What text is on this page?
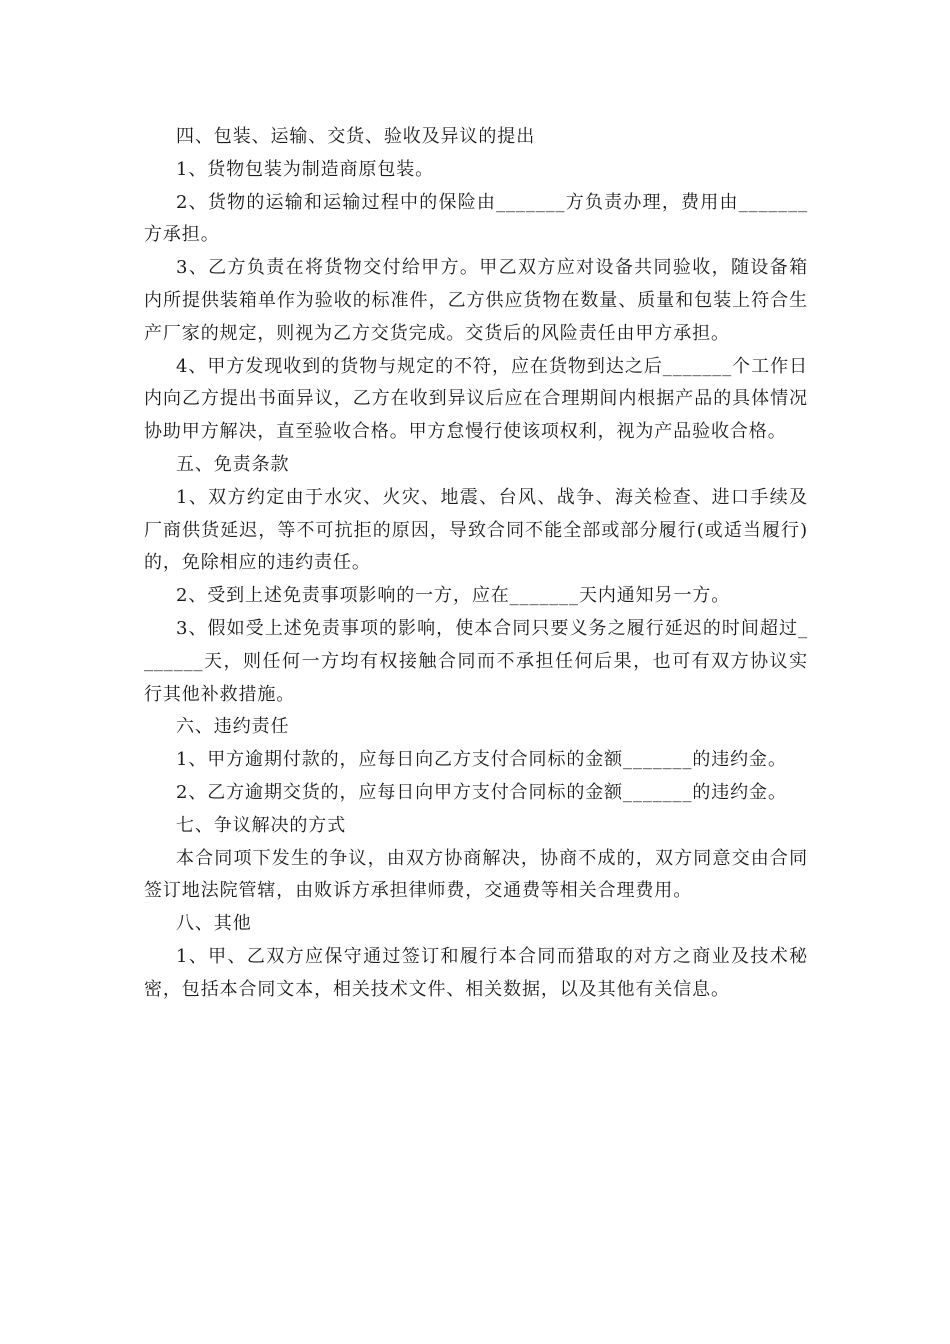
四、包装、运输、交货、验收及异议的提出

1、货物包装为制造商原包装。

2、货物的运输和运输过程中的保险由_______方负责办理，费用由_______方承担。

3、乙方负责在将货物交付给甲方。甲乙双方应对设备共同验收，随设备箱内所提供装箱单作为验收的标准件，乙方供应货物在数量、质量和包装上符合生产厂家的规定，则视为乙方交货完成。交货后的风险责任由甲方承担。

4、甲方发现收到的货物与规定的不符，应在货物到达之后_______个工作日内向乙方提出书面异议，乙方在收到异议后应在合理期间内根据产品的具体情况协助甲方解决，直至验收合格。甲方怠慢行使该项权利，视为产品验收合格。

五、免责条款

1、双方约定由于水灾、火灾、地震、台风、战争、海关检查、进口手续及厂商供货延迟，等不可抗拒的原因，导致合同不能全部或部分履行(或适当履行)的，免除相应的违约责任。

2、受到上述免责事项影响的一方，应在_______天内通知另一方。

3、假如受上述免责事项的影响，使本合同只要义务之履行延迟的时间超过_______天，则任何一方均有权接触合同而不承担任何后果，也可有双方协议实行其他补救措施。

六、违约责任

1、甲方逾期付款的，应每日向乙方支付合同标的金额_______的违约金。

2、乙方逾期交货的，应每日向甲方支付合同标的金额_______的违约金。

七、争议解决的方式

本合同项下发生的争议，由双方协商解决，协商不成的，双方同意交由合同签订地法院管辖，由败诉方承担律师费，交通费等相关合理费用。

八、其他

1、甲、乙双方应保守通过签订和履行本合同而猎取的对方之商业及技术秘密，包括本合同文本，相关技术文件、相关数据，以及其他有关信息。
